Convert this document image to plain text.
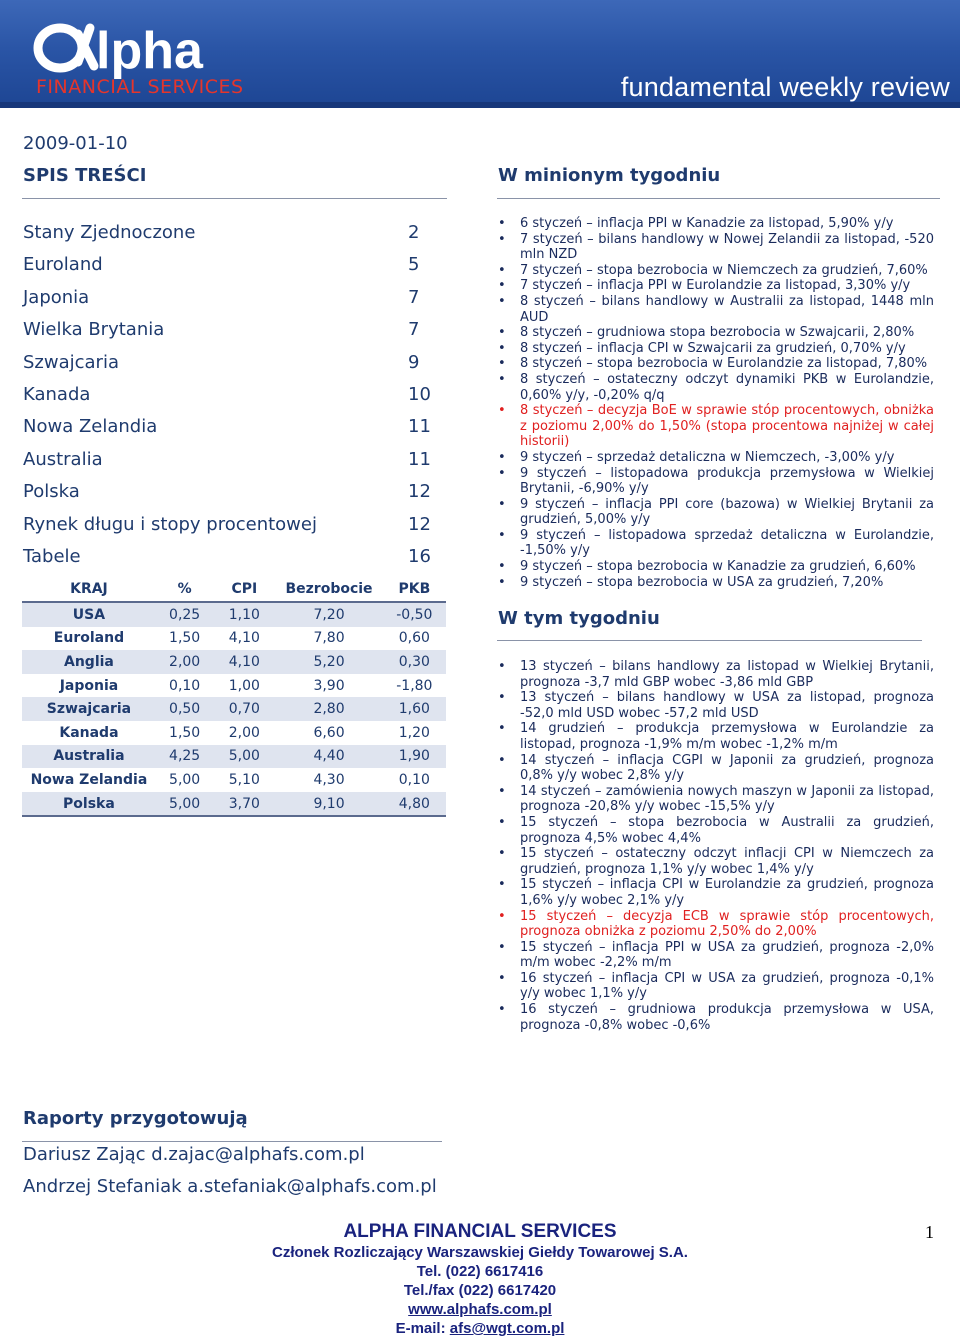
lpha
FINANCIAL SERVICES	fundamental weekly review
2009-01-10
SPIS TREŚCI
Stany Zjednoczone	2
Euroland	5
Japonia	7
Wielka Brytania	7
Szwajcaria	9
Kanada	10
Nowa Zelandia	11
Australia	11
Polska	12
Rynek długu i stopy procentowej	12
Tabele	16
KRAJ	%	CPI	Bezrobocie	PKB
USA	0,25	1,10	7,20	-0,50
Euroland	1,50	4,10	7,80	0,60
Anglia	2,00	4,10	5,20	0,30
Japonia	0,10	1,00	3,90	-1,80
Szwajcaria	0,50	0,70	2,80	1,60
Kanada	1,50	2,00	6,60	1,20
Australia	4,25	5,00	4,40	1,90
Nowa Zelandia	5,00	5,10	4,30	0,10
Polska	5,00	3,70	9,10	4,80
W minionym tygodniu
• 6 styczeń – inflacja PPI w Kanadzie za listopad, 5,90% y/y
• 7 styczeń – bilans handlowy w Nowej Zelandii za listopad, -520 mln NZD
• 7 styczeń – stopa bezrobocia w Niemczech za grudzień, 7,60%
• 7 styczeń – inflacja PPI w Eurolandzie za listopad, 3,30% y/y
• 8 styczeń – bilans handlowy w Australii za listopad, 1448 mln AUD
• 8 styczeń – grudniowa stopa bezrobocia w Szwajcarii, 2,80%
• 8 styczeń – inflacja CPI w Szwajcarii za grudzień, 0,70% y/y
• 8 styczeń – stopa bezrobocia w Eurolandzie za listopad, 7,80%
• 8 styczeń – ostateczny odczyt dynamiki PKB w Eurolandzie, 0,60% y/y, -0,20% q/q
• 8 styczeń – decyzja BoE w sprawie stóp procentowych, obniżka z poziomu 2,00% do 1,50% (stopa procentowa najniżej w całej historii)
• 9 styczeń – sprzedaż detaliczna w Niemczech, -3,00% y/y
• 9 styczeń – listopadowa produkcja przemysłowa w Wielkiej Brytanii, -6,90% y/y
• 9 styczeń – inflacja PPI core (bazowa) w Wielkiej Brytanii za grudzień, 5,00% y/y
• 9 styczeń – listopadowa sprzedaż detaliczna w Eurolandzie, -1,50% y/y
• 9 styczeń – stopa bezrobocia w Kanadzie za grudzień, 6,60%
• 9 styczeń – stopa bezrobocia w USA za grudzień, 7,20%
W tym tygodniu
• 13 styczeń – bilans handlowy za listopad w Wielkiej Brytanii, prognoza -3,7 mld GBP wobec -3,86 mld GBP
• 13 styczeń – bilans handlowy w USA za listopad, prognoza -52,0 mld USD wobec -57,2 mld USD
• 14 grudzień – produkcja przemysłowa w Eurolandzie za listopad, prognoza -1,9% m/m wobec -1,2% m/m
• 14 styczeń – inflacja CGPI w Japonii za grudzień, prognoza 0,8% y/y wobec 2,8% y/y
• 14 styczeń – zamówienia nowych maszyn w Japonii za listopad, prognoza -20,8% y/y wobec -15,5% y/y
• 15 styczeń – stopa bezrobocia w Australii za grudzień, prognoza 4,5% wobec 4,4%
• 15 styczeń – ostateczny odczyt inflacji CPI w Niemczech za grudzień, prognoza 1,1% y/y wobec 1,4% y/y
• 15 styczeń – inflacja CPI w Eurolandzie za grudzień, prognoza 1,6% y/y wobec 2,1% y/y
• 15 styczeń – decyzja ECB w sprawie stóp procentowych, prognoza obniżka z poziomu 2,50% do 2,00%
• 15 styczeń – inflacja PPI w USA za grudzień, prognoza -2,0% m/m wobec -2,2% m/m
• 16 styczeń – inflacja CPI w USA za grudzień, prognoza -0,1% y/y wobec 1,1% y/y
• 16 styczeń – grudniowa produkcja przemysłowa w USA, prognoza -0,8% wobec -0,6%
Raporty przygotowują
Dariusz Zając d.zajac@alphafs.com.pl
Andrzej Stefaniak a.stefaniak@alphafs.com.pl
ALPHA FINANCIAL SERVICES
Członek Rozliczający Warszawskiej Giełdy Towarowej S.A.
Tel. (022) 6617416
Tel./fax (022) 6617420
www.alphafs.com.pl
E-mail: afs@wgt.com.pl
1
